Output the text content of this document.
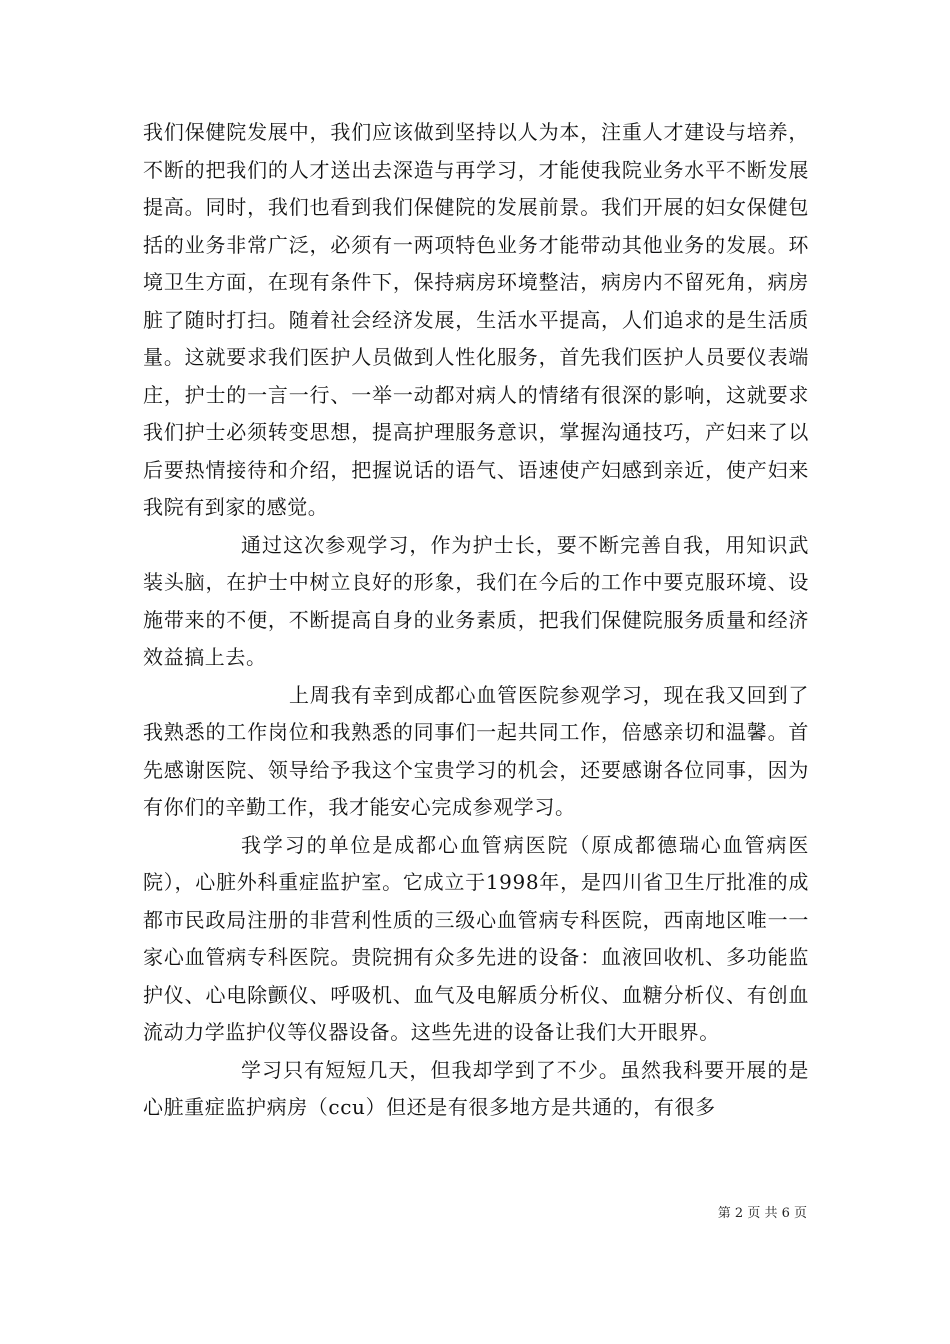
我们保健院发展中，我们应该做到坚持以人为本，注重人才建设与培养，不断的把我们的人才送出去深造与再学习，才能使我院业务水平不断发展提高。同时，我们也看到我们保健院的发展前景。我们开展的妇女保健包括的业务非常广泛，必须有一两项特色业务才能带动其他业务的发展。环境卫生方面，在现有条件下，保持病房环境整洁，病房内不留死角，病房脏了随时打扫。随着社会经济发展，生活水平提高，人们追求的是生活质量。这就要求我们医护人员做到人性化服务，首先我们医护人员要仪表端庄，护士的一言一行、一举一动都对病人的情绪有很深的影响，这就要求我们护士必须转变思想，提高护理服务意识，掌握沟通技巧，产妇来了以后要热情接待和介绍，把握说话的语气、语速使产妇感到亲近，使产妇来我院有到家的感觉。

通过这次参观学习，作为护士长，要不断完善自我，用知识武装头脑，在护士中树立良好的形象，我们在今后的工作中要克服环境、设施带来的不便，不断提高自身的业务素质，把我们保健院服务质量和经济效益搞上去。

上周我有幸到成都心血管医院参观学习，现在我又回到了我熟悉的工作岗位和我熟悉的同事们一起共同工作，倍感亲切和温馨。首先感谢医院、领导给予我这个宝贵学习的机会，还要感谢各位同事，因为有你们的辛勤工作，我才能安心完成参观学习。

我学习的单位是成都心血管病医院（原成都德瑞心血管病医院），心脏外科重症监护室。它成立于1998年，是四川省卫生厅批准的成都市民政局注册的非营利性质的三级心血管病专科医院，西南地区唯一一家心血管病专科医院。贵院拥有众多先进的设备：血液回收机、多功能监护仪、心电除颤仪、呼吸机、血气及电解质分析仪、血糖分析仪、有创血流动力学监护仪等仪器设备。这些先进的设备让我们大开眼界。

学习只有短短几天，但我却学到了不少。虽然我科要开展的是心脏重症监护病房（ccu）但还是有很多地方是共通的，有很多

第 2 页 共 6 页
